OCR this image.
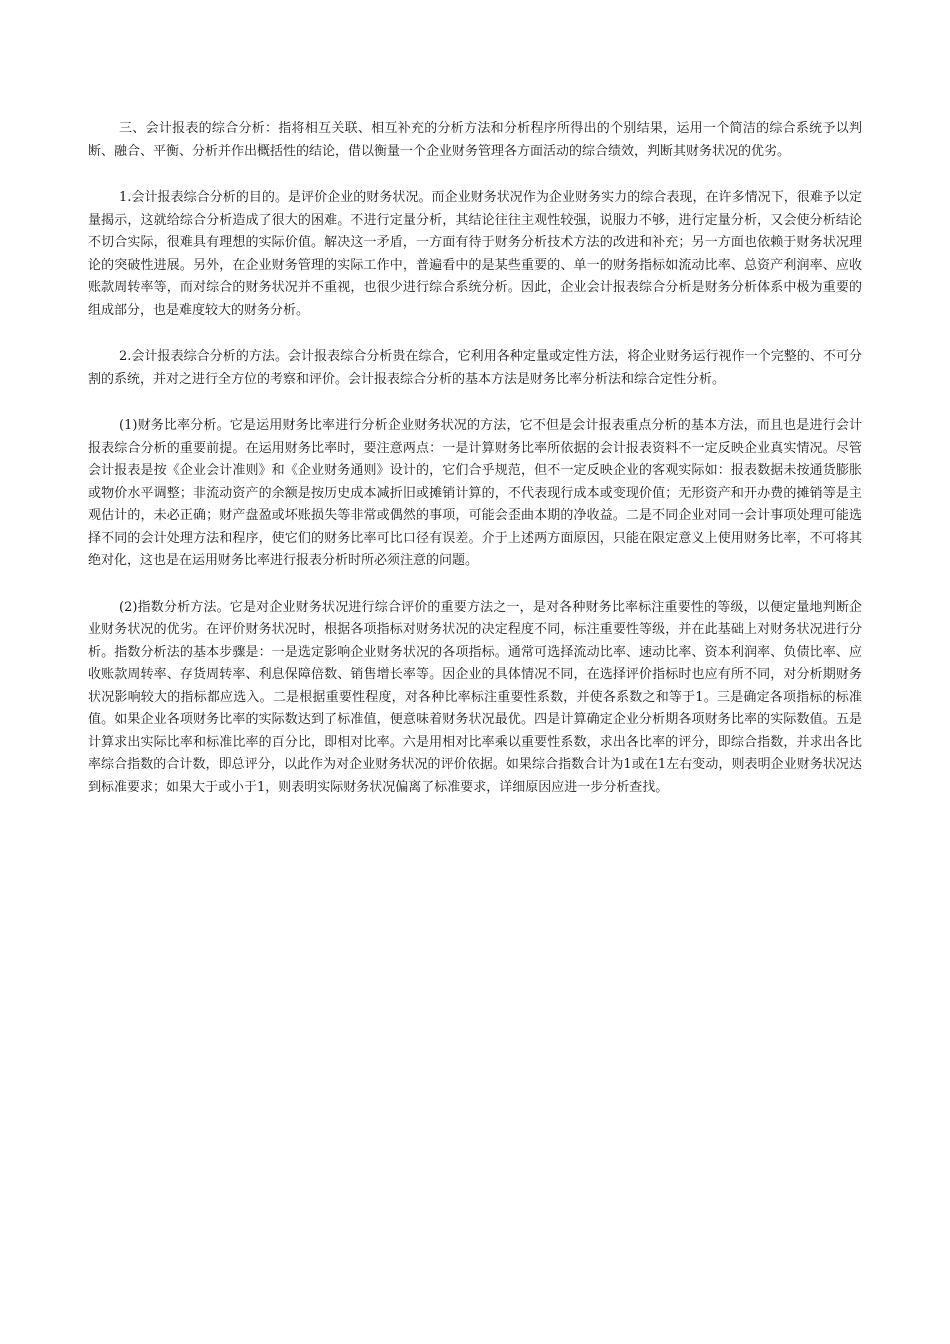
三、会计报表的综合分析：指将相互关联、相互补充的分析方法和分析程序所得出的个别结果，运用一个简洁的综合系统予以判断、融合、平衡、分析并作出概括性的结论，借以衡量一个企业财务管理各方面活动的综合绩效，判断其财务状况的优劣。

1.会计报表综合分析的目的。是评价企业的财务状况。而企业财务状况作为企业财务实力的综合表现，在许多情况下，很难予以定量揭示，这就给综合分析造成了很大的困难。不进行定量分析，其结论往往主观性较强，说服力不够，进行定量分析，又会使分析结论不切合实际，很难具有理想的实际价值。解决这一矛盾，一方面有待于财务分析技术方法的改进和补充；另一方面也依赖于财务状况理论的突破性进展。另外，在企业财务管理的实际工作中，普遍看中的是某些重要的、单一的财务指标如流动比率、总资产利润率、应收账款周转率等，而对综合的财务状况并不重视，也很少进行综合系统分析。因此，企业会计报表综合分析是财务分析体系中极为重要的组成部分，也是难度较大的财务分析。

2.会计报表综合分析的方法。会计报表综合分析贵在综合，它利用各种定量或定性方法，将企业财务运行视作一个完整的、不可分割的系统，并对之进行全方位的考察和评价。会计报表综合分析的基本方法是财务比率分析法和综合定性分析。

(1)财务比率分析。它是运用财务比率进行分析企业财务状况的方法，它不但是会计报表重点分析的基本方法，而且也是进行会计报表综合分析的重要前提。在运用财务比率时，要注意两点：一是计算财务比率所依据的会计报表资料不一定反映企业真实情况。尽管会计报表是按《企业会计准则》和《企业财务通则》设计的，它们合乎规范，但不一定反映企业的客观实际如：报表数据未按通货膨胀或物价水平调整；非流动资产的余额是按历史成本减折旧或摊销计算的，不代表现行成本或变现价值；无形资产和开办费的摊销等是主观估计的，未必正确；财产盘盈或坏账损失等非常或偶然的事项，可能会歪曲本期的净收益。二是不同企业对同一会计事项处理可能选择不同的会计处理方法和程序，使它们的财务比率可比口径有误差。介于上述两方面原因，只能在限定意义上使用财务比率，不可将其绝对化，这也是在运用财务比率进行报表分析时所必须注意的问题。

(2)指数分析方法。它是对企业财务状况进行综合评价的重要方法之一，是对各种财务比率标注重要性的等级，以便定量地判断企业财务状况的优劣。在评价财务状况时，根据各项指标对财务状况的决定程度不同，标注重要性等级，并在此基础上对财务状况进行分析。指数分析法的基本步骤是：一是选定影响企业财务状况的各项指标。通常可选择流动比率、速动比率、资本利润率、负债比率、应收账款周转率、存货周转率、利息保障倍数、销售增长率等。因企业的具体情况不同，在选择评价指标时也应有所不同，对分析期财务状况影响较大的指标都应选入。二是根据重要性程度，对各种比率标注重要性系数，并使各系数之和等于1。三是确定各项指标的标准值。如果企业各项财务比率的实际数达到了标准值，便意味着财务状况最优。四是计算确定企业分析期各项财务比率的实际数值。五是计算求出实际比率和标准比率的百分比，即相对比率。六是用相对比率乘以重要性系数，求出各比率的评分，即综合指数，并求出各比率综合指数的合计数，即总评分，以此作为对企业财务状况的评价依据。如果综合指数合计为1或在1左右变动，则表明企业财务状况达到标准要求；如果大于或小于1，则表明实际财务状况偏离了标准要求，详细原因应进一步分析查找。
